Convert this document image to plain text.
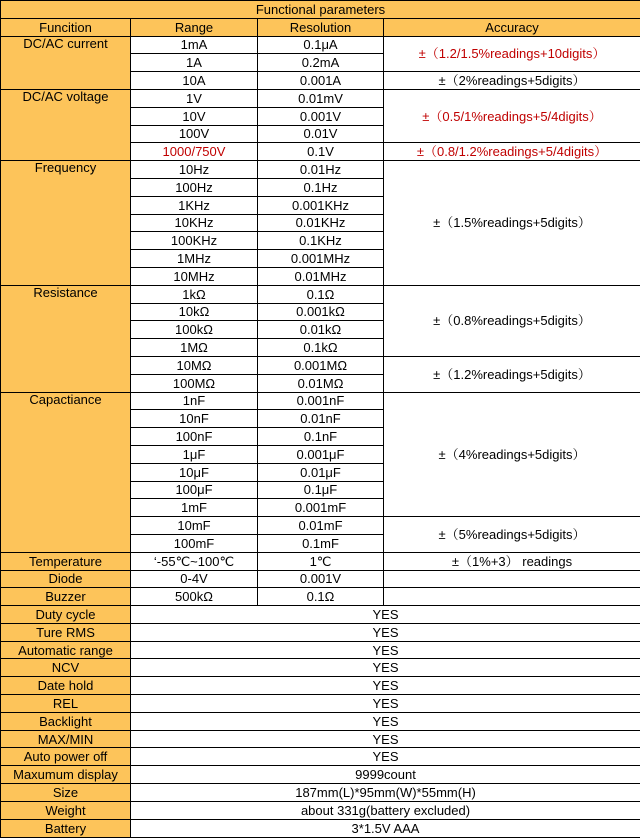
Functional parameters			
Funcition	Range	Resolution	Accuracy
DC/AC current	1mA	0.1μA	±（1.2/1.5%readings+10digits）
	1A	0.2mA	
	10A	0.001A	±（2%readings+5digits）
DC/AC voltage	1V	0.01mV	±（0.5/1%readings+5/4digits）
	10V	0.001V	
	100V	0.01V	
	1000/750V	0.1V	±（0.8/1.2%readings+5/4digits）
Frequency	10Hz	0.01Hz	±（1.5%readings+5digits）
	100Hz	0.1Hz	
	1KHz	0.001KHz	
	10KHz	0.01KHz	
	100KHz	0.1KHz	
	1MHz	0.001MHz	
	10MHz	0.01MHz	
Resistance	1kΩ	0.1Ω	±（0.8%readings+5digits）
	10kΩ	0.001kΩ	
	100kΩ	0.01kΩ	
	1MΩ	0.1kΩ	
	10MΩ	0.001MΩ	±（1.2%readings+5digits）
	100MΩ	0.01MΩ	
Capactiance	1nF	0.001nF	±（4%readings+5digits）
	10nF	0.01nF	
	100nF	0.1nF	
	1μF	0.001μF	
	10μF	0.01μF	
	100μF	0.1μF	
	1mF	0.001mF	
	10mF	0.01mF	±（5%readings+5digits）
	100mF	0.1mF	
Temperature	‘-55℃~100℃	1℃	±（1%+3） readings
Diode	0-4V	0.001V	
Buzzer	500kΩ	0.1Ω	
Duty cycle	YES		
Ture RMS	YES		
Automatic range	YES		
NCV	YES		
Date hold	YES		
REL	YES		
Backlight	YES		
MAX/MIN	YES		
Auto power off	YES		
Maxumum display	9999count		
Size	187mm(L)*95mm(W)*55mm(H)		
Weight	about 331g(battery excluded)		
Battery	3*1.5V AAA		
